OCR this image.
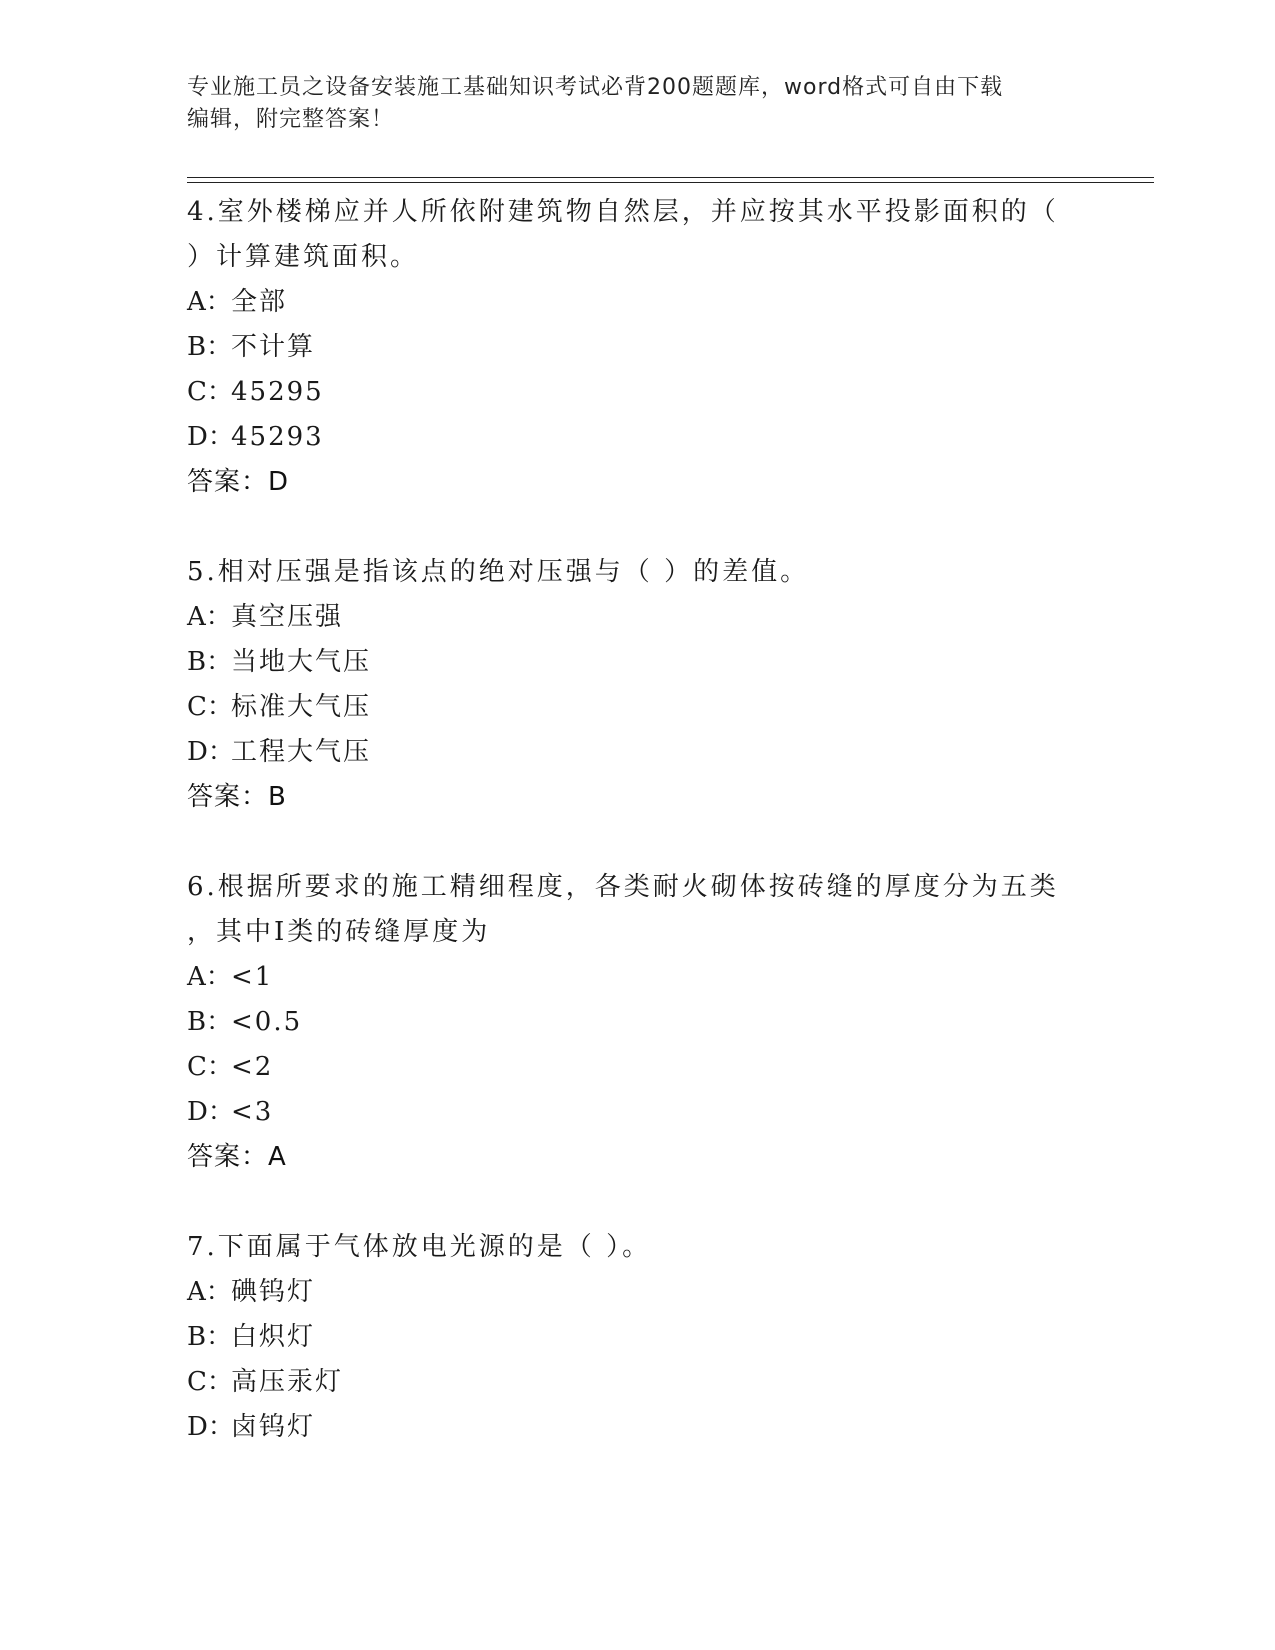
专业施工员之设备安装施工基础知识考试必背200题题库，word格式可自由下载
编辑，附完整答案！

4.室外楼梯应并人所依附建筑物自然层，并应按其水平投影面积的（

）计算建筑面积。

A： 全部

B：
不计算

C：
45295

D：
45293

答案：D

5.相对压强是指该点的绝对压强与（ ）的差值。

A： 真空压强

B：
当地大气压

C：
标准大气压

D：
工程大气压

答案：B

6.根据所要求的施工精细程度，各类耐火砌体按砖缝的厚度分为五类

，其中Ⅰ类的砖缝厚度为

A： <1

B：
<0.5

C：
<2

D：
<3

答案：A

7.下面属于气体放电光源的是（ ）。

A： 碘钨灯

B：
白炽灯

C：
高压汞灯

D：
卤钨灯
